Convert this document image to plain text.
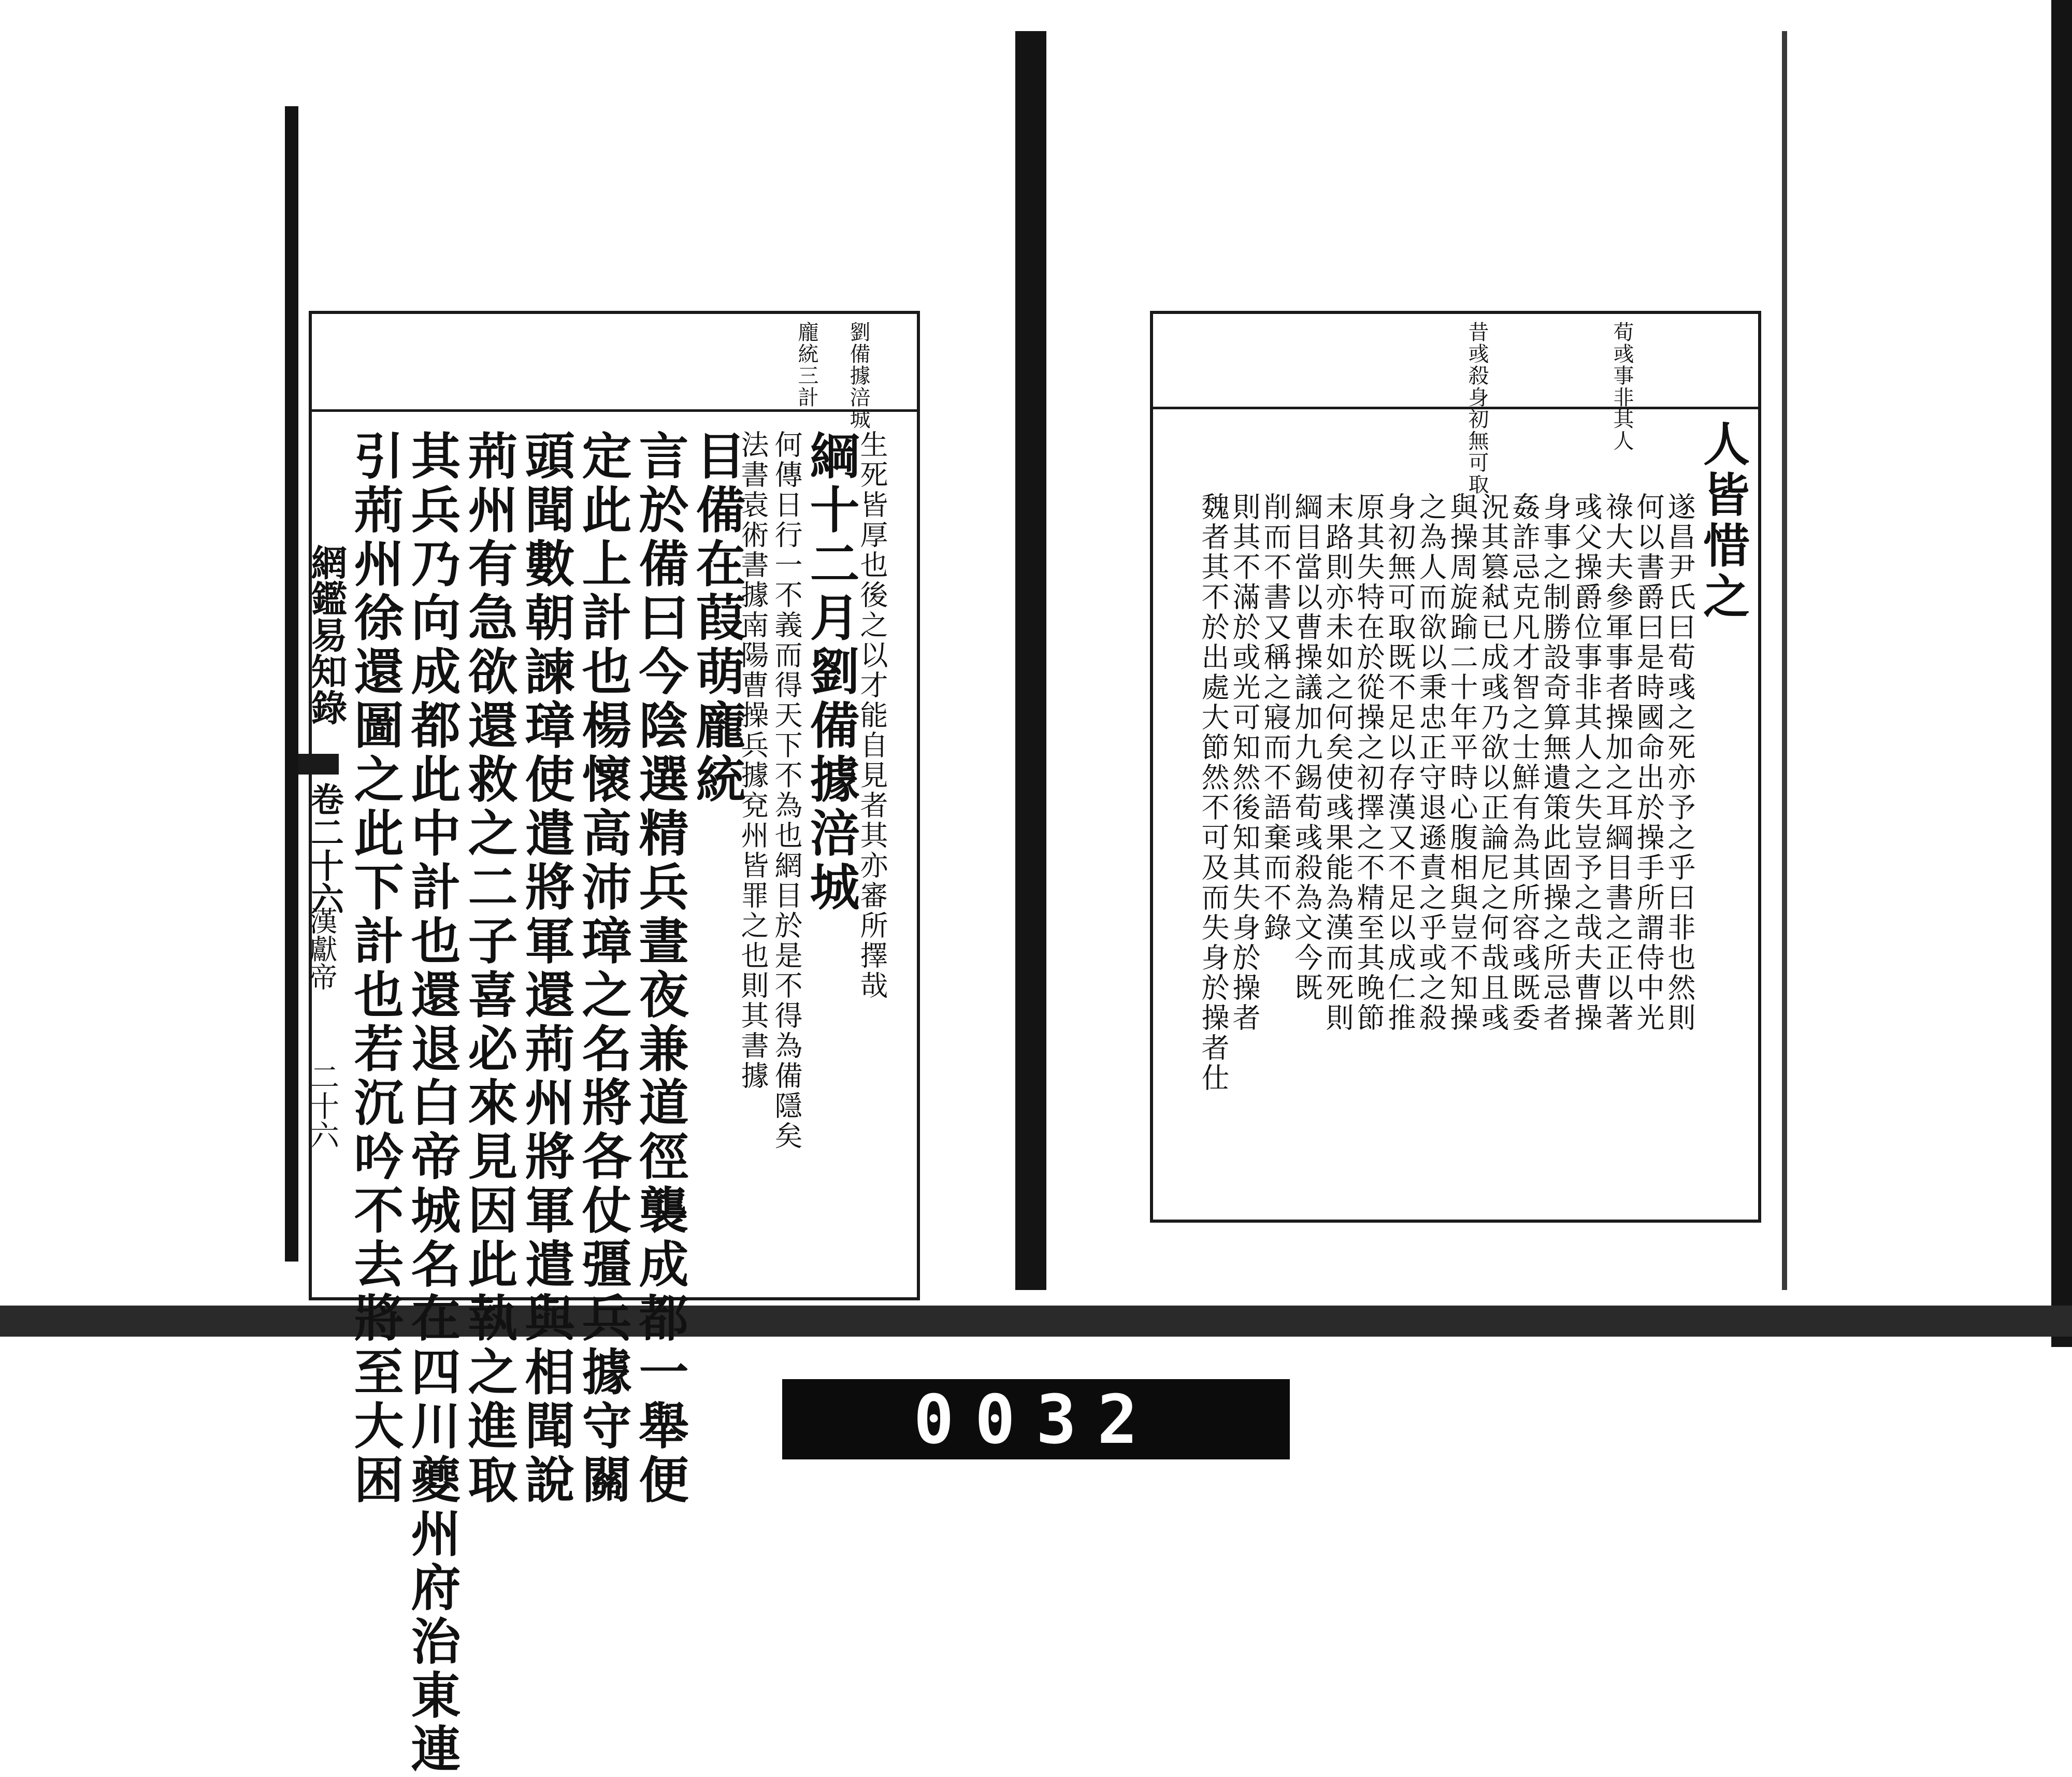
劉備據涪城
龐統三計
生死皆厚也後之以才能自見者其亦審所擇哉
綱十二月劉備據涪城
何傳日行一不義而得天下不為也網目於是不得為備隱矣
法書袁術書據南陽曹操兵據兗州皆罪之也則其書據
目備在葭萌龐統
言於備曰今陰選精兵晝夜兼道徑襲成都一舉便
定此上計也楊懷高沛璋之名將各仗彊兵據守關
頭聞數朝諫璋使遣將軍還荊州將軍遣與相聞說
荊州有急欲還救之二子喜必來見因此執之進取
其兵乃向成都此中計也還退白帝城名在四川夔州府治東連
引荊州徐還圖之此下計也若沉吟不去將至大困
網鑑易知錄
卷二十六
漢獻帝
二十六
荀彧事非其人
昔彧殺身初無可取
人皆惜之
遂昌尹氏曰荀彧之死亦予之乎曰非也然則
何以書爵曰是時國命出於操手所謂侍中光
祿大夫參軍事者操加之耳綱目書之正以著
彧父操爵位事非其人之失豈予之哉夫曹操
身事之制勝設奇算無遺策此固操之所忌者
姦詐忌克凡才智之士鮮有為其所容彧既委
況其篡弒已成彧乃欲以正論尼之何哉且彧
與操周旋踰二十年平時心腹相與豈不知操
之為人而欲以秉忠正守退遜責之乎或之殺
身初無可取既不足以存漢又不足以成仁推
原其失特在於從操之初擇之不精至其晚節
末路則亦未如之何矣使彧果能為漢而死則
綱目當以曹操議加九錫荀彧殺為文今既
削而不書又稱之寢而不語棄而不錄
則其不滿於或光可知然後知其失身於操者
魏者其不於出處大節然不可及而失身於操者仕
0032
